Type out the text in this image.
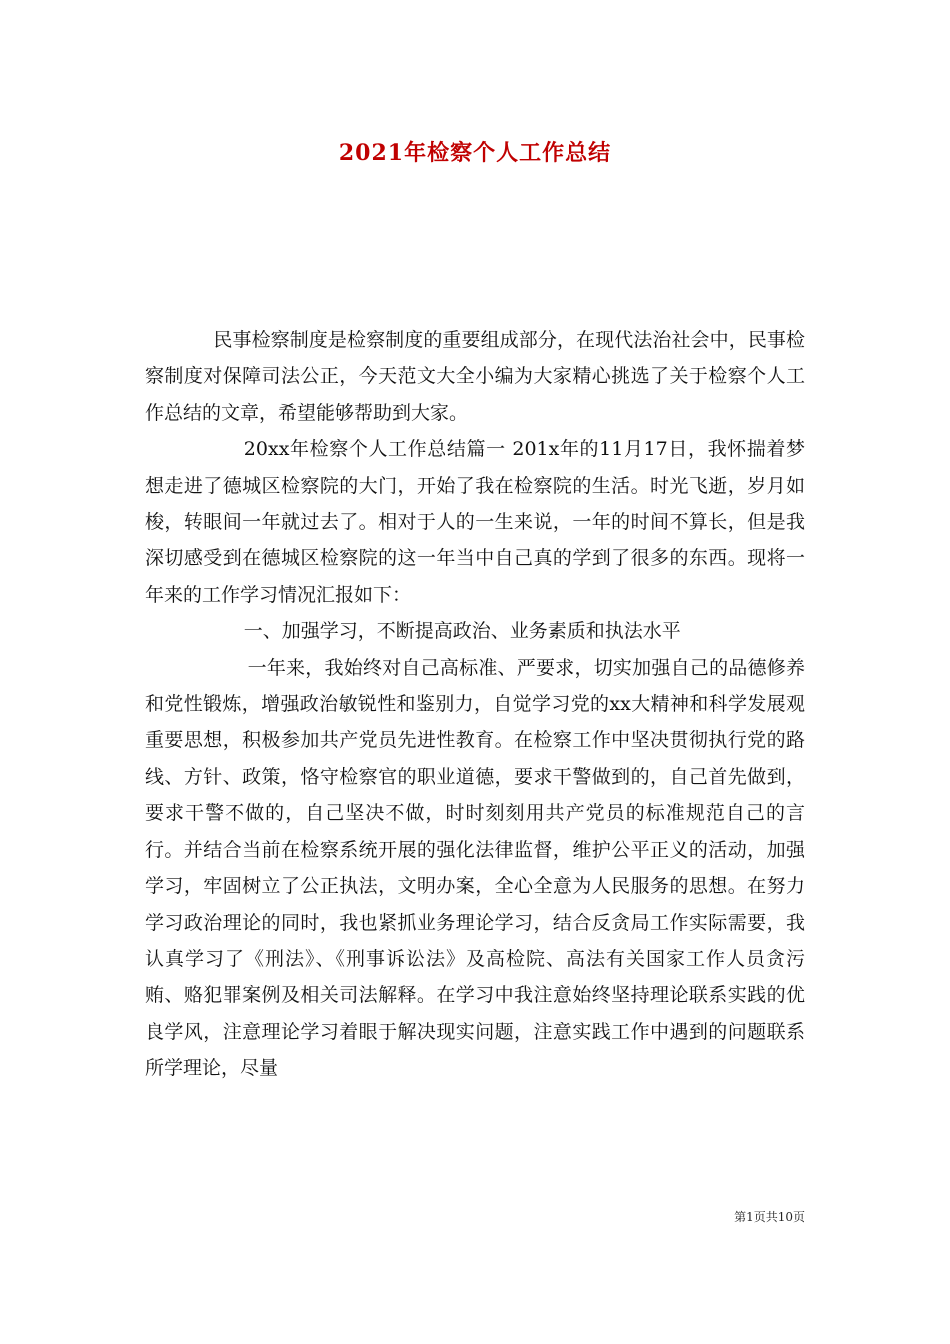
2021年检察个人工作总结

民事检察制度是检察制度的重要组成部分，在现代法治社会中，民事检察制度对保障司法公正，今天范文大全小编为大家精心挑选了关于检察个人工作总结的文章，希望能够帮助到大家。

20xx年检察个人工作总结篇一 201x年的11月17日，我怀揣着梦想走进了德城区检察院的大门，开始了我在检察院的生活。时光飞逝，岁月如梭，转眼间一年就过去了。相对于人的一生来说，一年的时间不算长，但是我深切感受到在德城区检察院的这一年当中自己真的学到了很多的东西。现将一年来的工作学习情况汇报如下：

一、加强学习，不断提高政治、业务素质和执法水平

一年来，我始终对自己高标准、严要求，切实加强自己的品德修养和党性锻炼，增强政治敏锐性和鉴别力，自觉学习党的xx大精神和科学发展观重要思想，积极参加共产党员先进性教育。在检察工作中坚决贯彻执行党的路线、方针、政策，恪守检察官的职业道德，要求干警做到的，自己首先做到，要求干警不做的，自己坚决不做，时时刻刻用共产党员的标准规范自己的言行。并结合当前在检察系统开展的强化法律监督，维护公平正义的活动，加强学习，牢固树立了公正执法，文明办案，全心全意为人民服务的思想。在努力学习政治理论的同时，我也紧抓业务理论学习，结合反贪局工作实际需要，我认真学习了《刑法》、《刑事诉讼法》及高检院、高法有关国家工作人员贪污贿、赂犯罪案例及相关司法解释。在学习中我注意始终坚持理论联系实践的优良学风，注意理论学习着眼于解决现实问题，注意实践工作中遇到的问题联系所学理论，尽量

第1页共10页
